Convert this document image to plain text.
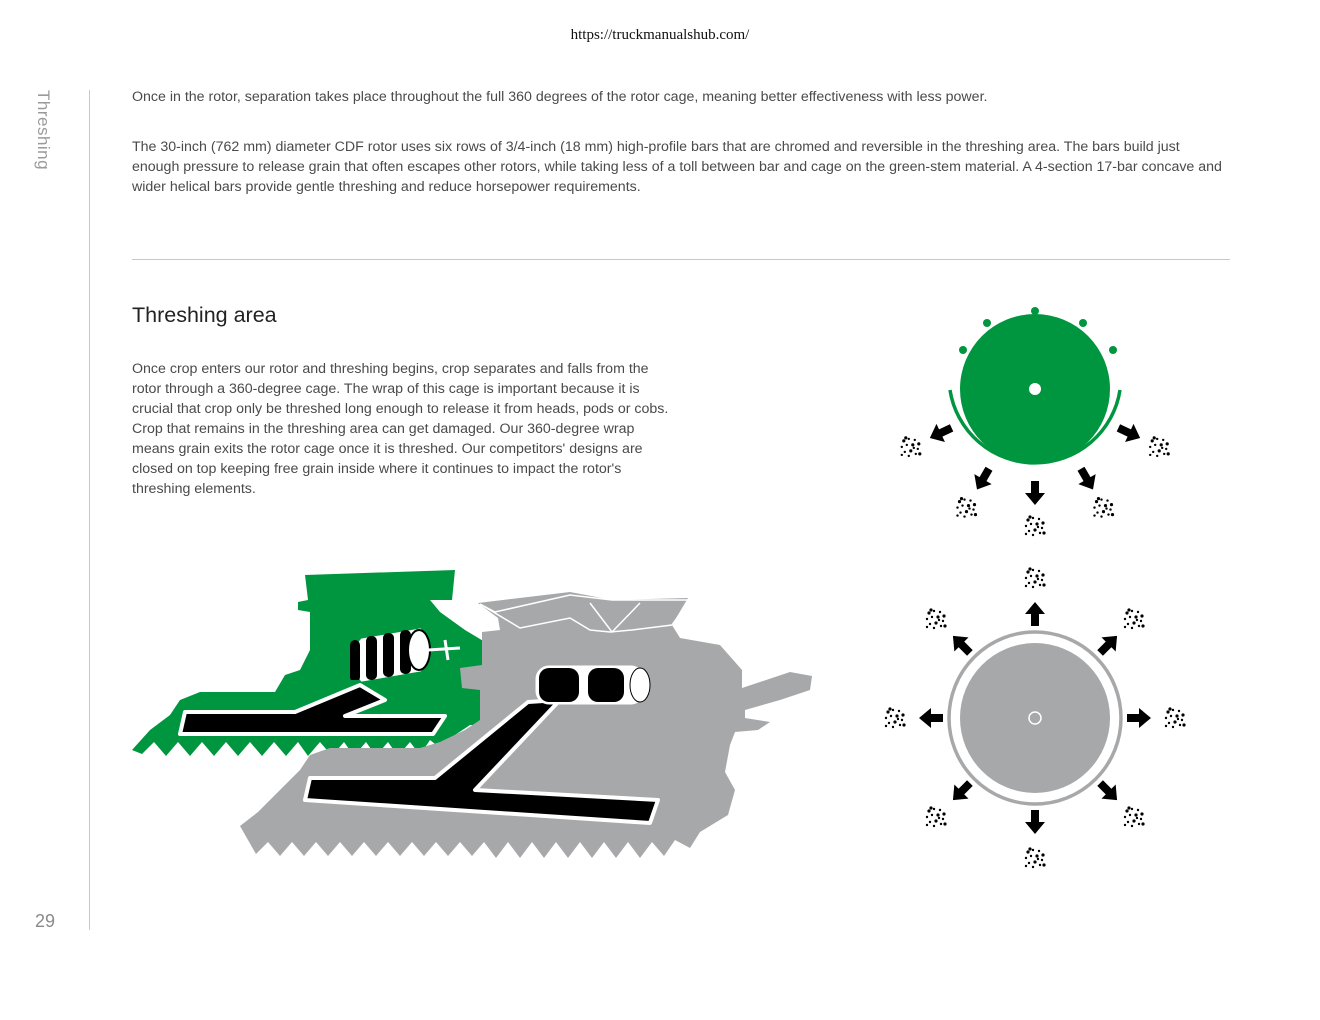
https://truckmanualshub.com/
Threshing
29

Once in the rotor, separation takes place throughout the full 360 degrees of the rotor cage, meaning better effectiveness with less power.

The 30-inch (762 mm) diameter CDF rotor uses six rows of 3/4-inch (18 mm) high-profile bars that are chromed and reversible in the threshing area. The bars build just enough pressure to release grain that often escapes other rotors, while taking less of a toll between bar and cage on the green-stem material. A 4-section 17-bar concave and wider helical bars provide gentle threshing and reduce horsepower requirements.

Threshing area

Once crop enters our rotor and threshing begins, crop separates and falls from the rotor through a 360-degree cage. The wrap of this cage is important because it is crucial that crop only be threshed long enough to release it from heads, pods or cobs. Crop that remains in the threshing area can get damaged. Our 360-degree wrap means grain exits the rotor cage once it is threshed. Our competitors' designs are closed on top keeping free grain inside where it continues to impact the rotor's threshing elements.
